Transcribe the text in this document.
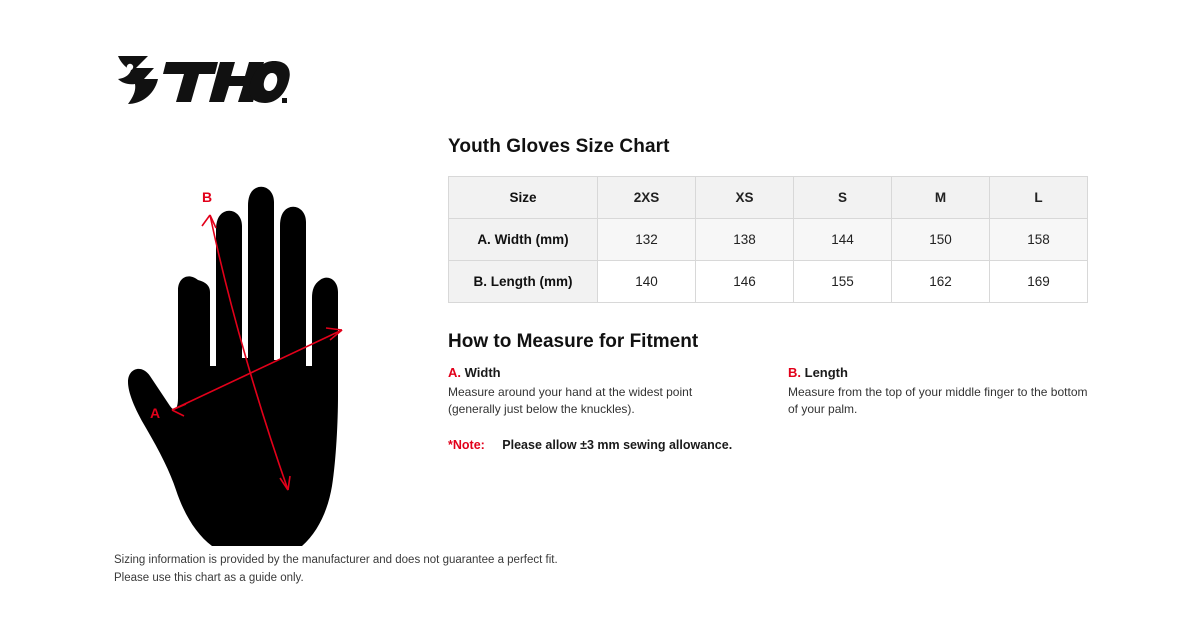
B
A
Youth Gloves Size Chart
Size	2XS	XS	S	M	L
A. Width (mm)	132	138	144	150	158
B. Length (mm)	140	146	155	162	169
How to Measure for Fitment
A. Width
Measure around your hand at the widest point (generally just below the knuckles).
B. Length
Measure from the top of your middle finger to the bottom of your palm.
*Note: Please allow ±3 mm sewing allowance.
Sizing information is provided by the manufacturer and does not guarantee a perfect fit.
Please use this chart as a guide only.
